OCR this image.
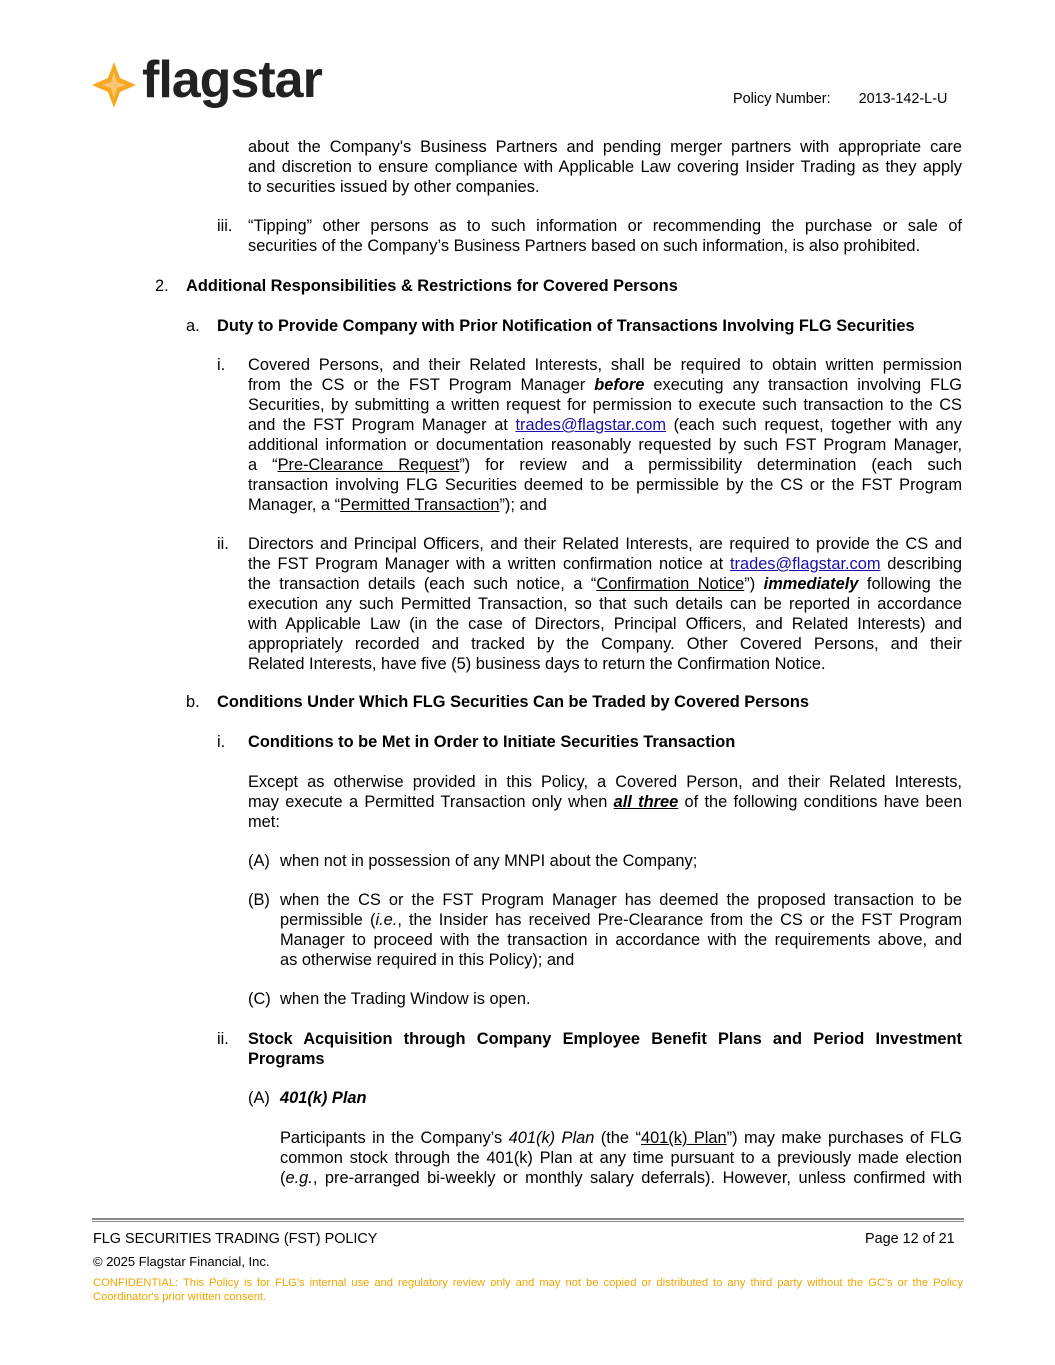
flagstar	Policy Number: 2013-142-L-U
about the Company's Business Partners and pending merger partners with appropriate care
and discretion to ensure compliance with Applicable Law covering Insider Trading as they apply
to securities issued by other companies.
iii. “Tipping” other persons as to such information or recommending the purchase or sale of
securities of the Company’s Business Partners based on such information, is also prohibited.
2. Additional Responsibilities & Restrictions for Covered Persons
a. Duty to Provide Company with Prior Notification of Transactions Involving FLG Securities
i. Covered Persons, and their Related Interests, shall be required to obtain written permission
from the CS or the FST Program Manager before executing any transaction involving FLG
Securities, by submitting a written request for permission to execute such transaction to the CS
and the FST Program Manager at trades@flagstar.com (each such request, together with any
additional information or documentation reasonably requested by such FST Program Manager,
a “Pre-Clearance Request”) for review and a permissibility determination (each such
transaction involving FLG Securities deemed to be permissible by the CS or the FST Program
Manager, a “Permitted Transaction”); and
ii. Directors and Principal Officers, and their Related Interests, are required to provide the CS and
the FST Program Manager with a written confirmation notice at trades@flagstar.com describing
the transaction details (each such notice, a “Confirmation Notice”) immediately following the
execution any such Permitted Transaction, so that such details can be reported in accordance
with Applicable Law (in the case of Directors, Principal Officers, and Related Interests) and
appropriately recorded and tracked by the Company. Other Covered Persons, and their
Related Interests, have five (5) business days to return the Confirmation Notice.
b. Conditions Under Which FLG Securities Can be Traded by Covered Persons
i. Conditions to be Met in Order to Initiate Securities Transaction
Except as otherwise provided in this Policy, a Covered Person, and their Related Interests,
may execute a Permitted Transaction only when all three of the following conditions have been
met:
(A) when not in possession of any MNPI about the Company;
(B) when the CS or the FST Program Manager has deemed the proposed transaction to be
permissible (i.e., the Insider has received Pre-Clearance from the CS or the FST Program
Manager to proceed with the transaction in accordance with the requirements above, and
as otherwise required in this Policy); and
(C) when the Trading Window is open.
ii. Stock Acquisition through Company Employee Benefit Plans and Period Investment
Programs
(A) 401(k) Plan
Participants in the Company’s 401(k) Plan (the “401(k) Plan”) may make purchases of FLG
common stock through the 401(k) Plan at any time pursuant to a previously made election
(e.g., pre-arranged bi-weekly or monthly salary deferrals). However, unless confirmed with
FLG SECURITIES TRADING (FST) POLICY	Page 12 of 21
© 2025 Flagstar Financial, Inc.
CONFIDENTIAL: This Policy is for FLG's internal use and regulatory review only and may not be copied or distributed to any third party without the GC's or the Policy Coordinator's prior written consent.
